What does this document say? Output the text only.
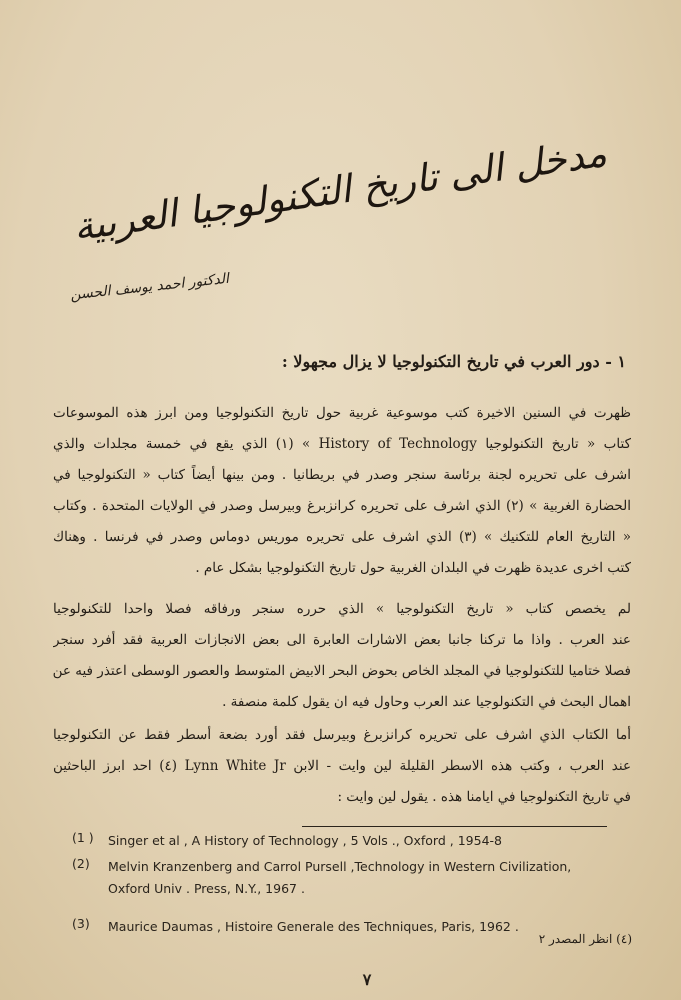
مدخل الى تاريخ التكنولوجيا العربية
الدكتور احمد يوسف الحسن
١ - دور العرب في تاريخ التكنولوجيا لا يزال مجهولا :
ظهرت في السنين الاخيرة كتب موسوعية غربية حول تاريخ التكنولوجيا ومن ابرز هذه الموسوعات
كتاب « تاريخ التكنولوجيا History of Technology » (١) الذي يقع في خمسة مجلدات والذي
اشرف على تحريره لجنة برئاسة سنجر وصدر في بريطانيا . ومن بينها أيضاً كتاب « التكنولوجيا في
الحضارة الغربية » (٢) الذي اشرف على تحريره كرانزبرغ وبيرسل وصدر في الولايات المتحدة . وكتاب
« التاريخ العام للتكنيك » (٣) الذي اشرف على تحريره موريس دوماس وصدر في فرنسا . وهناك
كتب اخرى عديدة ظهرت في البلدان الغربية حول تاريخ التكنولوجيا بشكل عام .
لم يخصص كتاب « تاريخ التكنولوجيا » الذي حرره سنجر ورفاقه فصلا واحدا للتكنولوجيا
عند العرب . واذا ما تركنا جانبا بعض الاشارات العابرة الى بعض الانجازات العربية فقد أفرد سنجر
فصلا ختاميا للتكنولوجيا في المجلد الخاص بحوض البحر الابيض المتوسط والعصور الوسطى اعتذر فيه عن
اهمال البحث في التكنولوجيا عند العرب وحاول فيه ان يقول كلمة منصفة .
أما الكتاب الذي اشرف على تحريره كرانزبرغ وبيرسل فقد أورد بضعة أسطر فقط عن التكنولوجيا
عند العرب ، وكتب هذه الاسطر القليلة لين وايت - الابن Lynn White Jr (٤) احد ابرز الباحثين
في تاريخ التكنولوجيا في ايامنا هذه . يقول لين وايت :
(1 )	Singer et al , A History of Technology , 5 Vols ., Oxford , 1954-8
(2)	Melvin Kranzenberg and Carrol Pursell ,Technology in Western Civilization,
Oxford Univ . Press, N.Y., 1967 .
(3)	Maurice Daumas , Histoire Generale des Techniques, Paris, 1962 .
(٤) انظر المصدر ٢
٧
